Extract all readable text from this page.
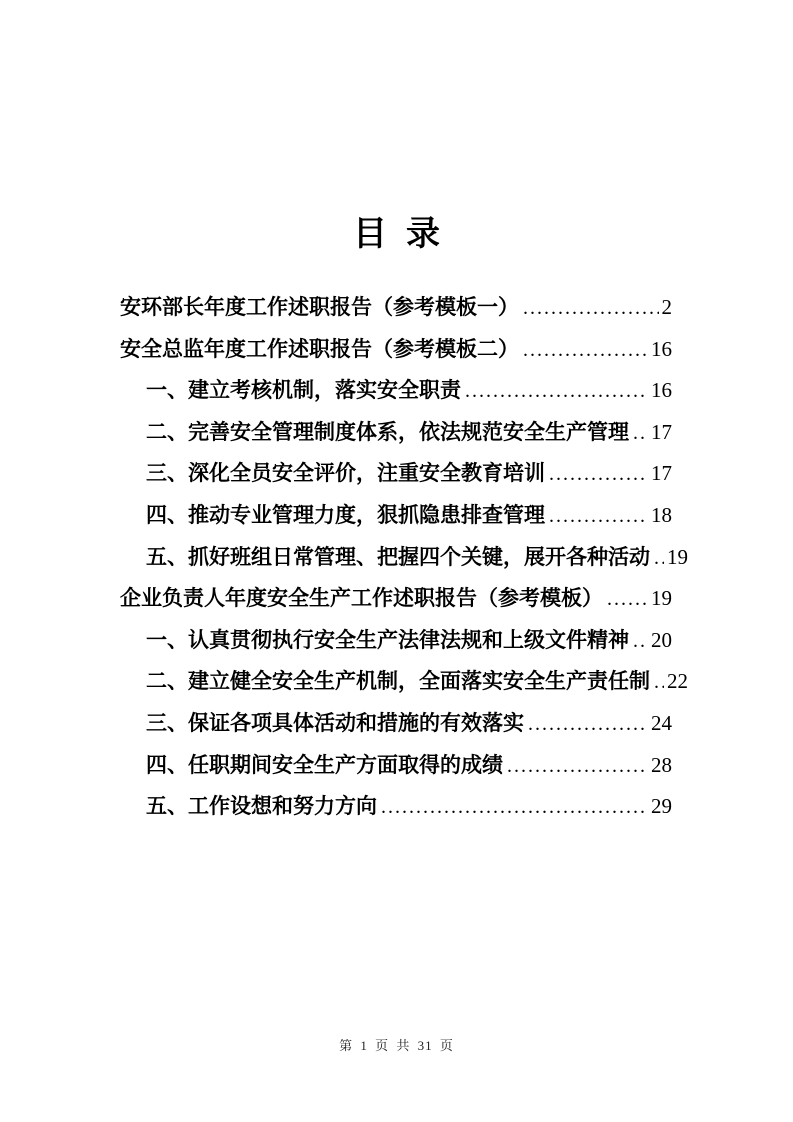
目  录
安环部长年度工作述职报告（参考模板一） .....	2
安全总监年度工作述职报告（参考模板二） .....	16
一、建立考核机制，落实安全职责 .....	16
二、完善安全管理制度体系，依法规范安全生产管理 ..... 17
三、深化全员安全评价，注重安全教育培训 .....	17
四、推动专业管理力度，狠抓隐患排查管理 .....	18
五、抓好班组日常管理、把握四个关键，展开各种活动 ..... 19
企业负责人年度安全生产工作述职报告（参考模板） ..... 19
一、认真贯彻执行安全生产法律法规和上级文件精神 ..... 20
二、建立健全安全生产机制，全面落实安全生产责任制 ..... 22
三、保证各项具体活动和措施的有效落实 .....	24
四、任职期间安全生产方面取得的成绩 .....	28
五、工作设想和努力方向 .....	29
第 1 页 共 31 页
